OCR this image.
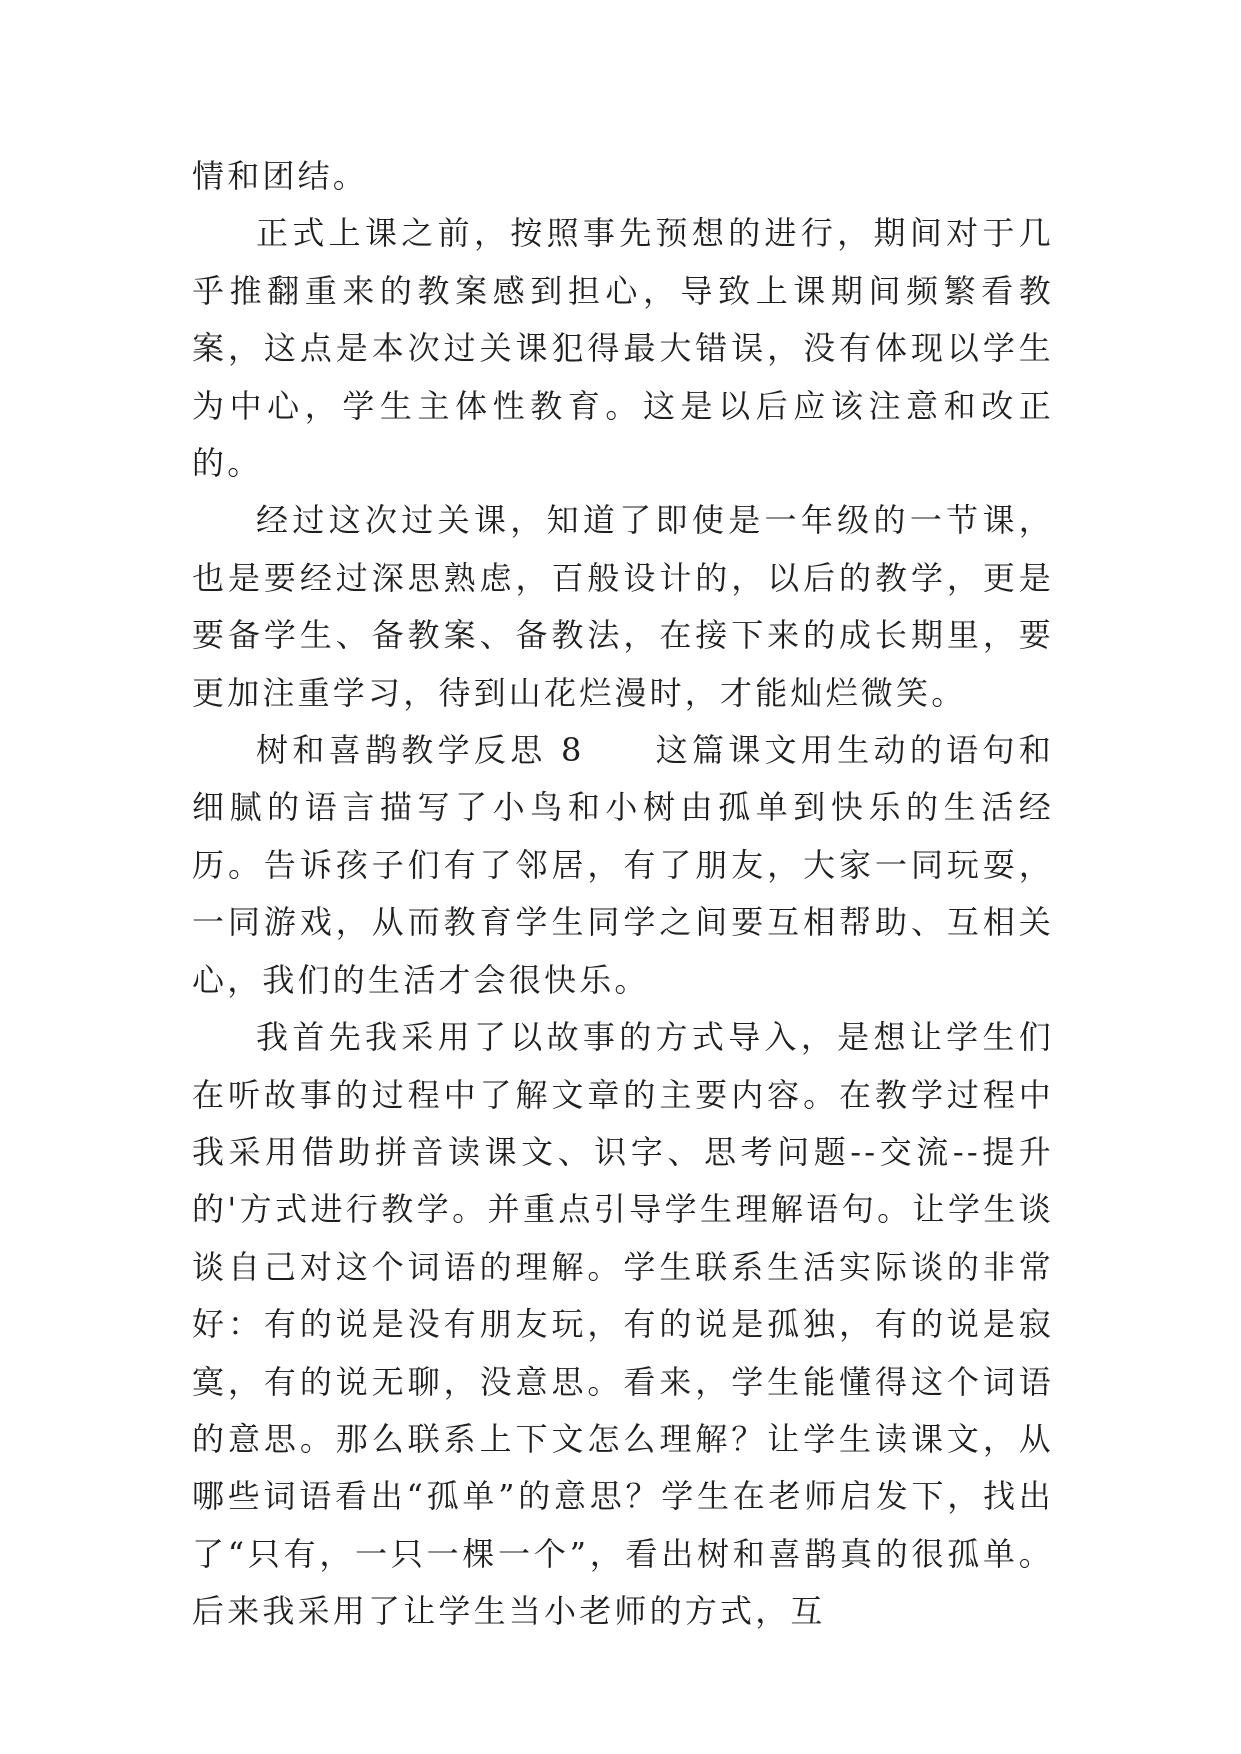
情和团结。

正式上课之前，按照事先预想的进行，期间对于几乎推翻重来的教案感到担心，导致上课期间频繁看教案，这点是本次过关课犯得最大错误，没有体现以学生为中心，学生主体性教育。这是以后应该注意和改正的。

经过这次过关课，知道了即使是一年级的一节课，也是要经过深思熟虑，百般设计的，以后的教学，更是要备学生、备教案、备教法，在接下来的成长期里，要更加注重学习，待到山花烂漫时，才能灿烂微笑。

树和喜鹊教学反思 8 这篇课文用生动的语句和细腻的语言描写了小鸟和小树由孤单到快乐的生活经历。告诉孩子们有了邻居，有了朋友，大家一同玩耍，一同游戏，从而教育学生同学之间要互相帮助、互相关心，我们的生活才会很快乐。

我首先我采用了以故事的方式导入，是想让学生们在听故事的过程中了解文章的主要内容。在教学过程中我采用借助拼音读课文、识字、思考问题--交流--提升的'方式进行教学。并重点引导学生理解语句。让学生谈谈自己对这个词语的理解。学生联系生活实际谈的非常好：有的说是没有朋友玩，有的说是孤独，有的说是寂寞，有的说无聊，没意思。看来，学生能懂得这个词语的意思。那么联系上下文怎么理解？让学生读课文，从哪些词语看出“孤单”的意思？学生在老师启发下，找出了“只有，一只一棵一个”，看出树和喜鹊真的很孤单。后来我采用了让学生当小老师的方式，互
